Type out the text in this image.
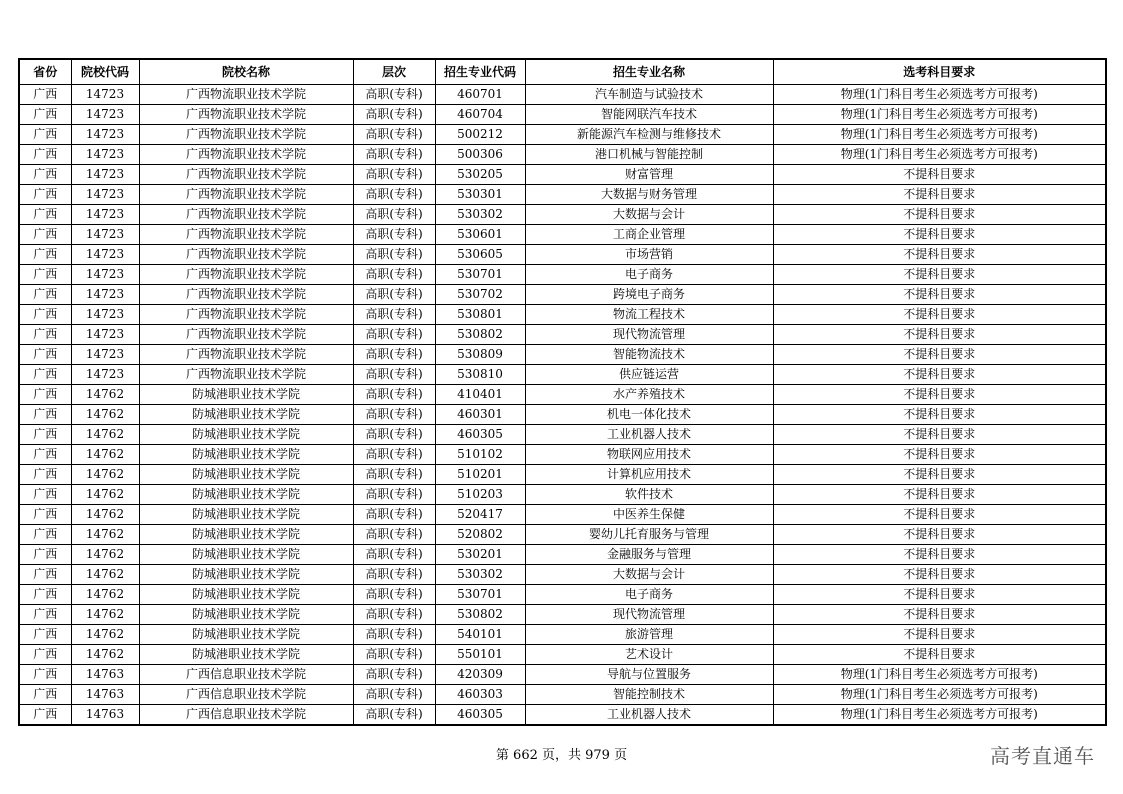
省份	院校代码	院校名称	层次	招生专业代码	招生专业名称	选考科目要求
广西	14723	广西物流职业技术学院	高职(专科)	460701	汽车制造与试验技术	物理(1门科目考生必须选考方可报考)
广西	14723	广西物流职业技术学院	高职(专科)	460704	智能网联汽车技术	物理(1门科目考生必须选考方可报考)
广西	14723	广西物流职业技术学院	高职(专科)	500212	新能源汽车检测与维修技术	物理(1门科目考生必须选考方可报考)
广西	14723	广西物流职业技术学院	高职(专科)	500306	港口机械与智能控制	物理(1门科目考生必须选考方可报考)
广西	14723	广西物流职业技术学院	高职(专科)	530205	财富管理	不提科目要求
广西	14723	广西物流职业技术学院	高职(专科)	530301	大数据与财务管理	不提科目要求
广西	14723	广西物流职业技术学院	高职(专科)	530302	大数据与会计	不提科目要求
广西	14723	广西物流职业技术学院	高职(专科)	530601	工商企业管理	不提科目要求
广西	14723	广西物流职业技术学院	高职(专科)	530605	市场营销	不提科目要求
广西	14723	广西物流职业技术学院	高职(专科)	530701	电子商务	不提科目要求
广西	14723	广西物流职业技术学院	高职(专科)	530702	跨境电子商务	不提科目要求
广西	14723	广西物流职业技术学院	高职(专科)	530801	物流工程技术	不提科目要求
广西	14723	广西物流职业技术学院	高职(专科)	530802	现代物流管理	不提科目要求
广西	14723	广西物流职业技术学院	高职(专科)	530809	智能物流技术	不提科目要求
广西	14723	广西物流职业技术学院	高职(专科)	530810	供应链运营	不提科目要求
广西	14762	防城港职业技术学院	高职(专科)	410401	水产养殖技术	不提科目要求
广西	14762	防城港职业技术学院	高职(专科)	460301	机电一体化技术	不提科目要求
广西	14762	防城港职业技术学院	高职(专科)	460305	工业机器人技术	不提科目要求
广西	14762	防城港职业技术学院	高职(专科)	510102	物联网应用技术	不提科目要求
广西	14762	防城港职业技术学院	高职(专科)	510201	计算机应用技术	不提科目要求
广西	14762	防城港职业技术学院	高职(专科)	510203	软件技术	不提科目要求
广西	14762	防城港职业技术学院	高职(专科)	520417	中医养生保健	不提科目要求
广西	14762	防城港职业技术学院	高职(专科)	520802	婴幼儿托育服务与管理	不提科目要求
广西	14762	防城港职业技术学院	高职(专科)	530201	金融服务与管理	不提科目要求
广西	14762	防城港职业技术学院	高职(专科)	530302	大数据与会计	不提科目要求
广西	14762	防城港职业技术学院	高职(专科)	530701	电子商务	不提科目要求
广西	14762	防城港职业技术学院	高职(专科)	530802	现代物流管理	不提科目要求
广西	14762	防城港职业技术学院	高职(专科)	540101	旅游管理	不提科目要求
广西	14762	防城港职业技术学院	高职(专科)	550101	艺术设计	不提科目要求
广西	14763	广西信息职业技术学院	高职(专科)	420309	导航与位置服务	物理(1门科目考生必须选考方可报考)
广西	14763	广西信息职业技术学院	高职(专科)	460303	智能控制技术	物理(1门科目考生必须选考方可报考)
广西	14763	广西信息职业技术学院	高职(专科)	460305	工业机器人技术	物理(1门科目考生必须选考方可报考)
第 662 页，共 979 页	高考直通车
